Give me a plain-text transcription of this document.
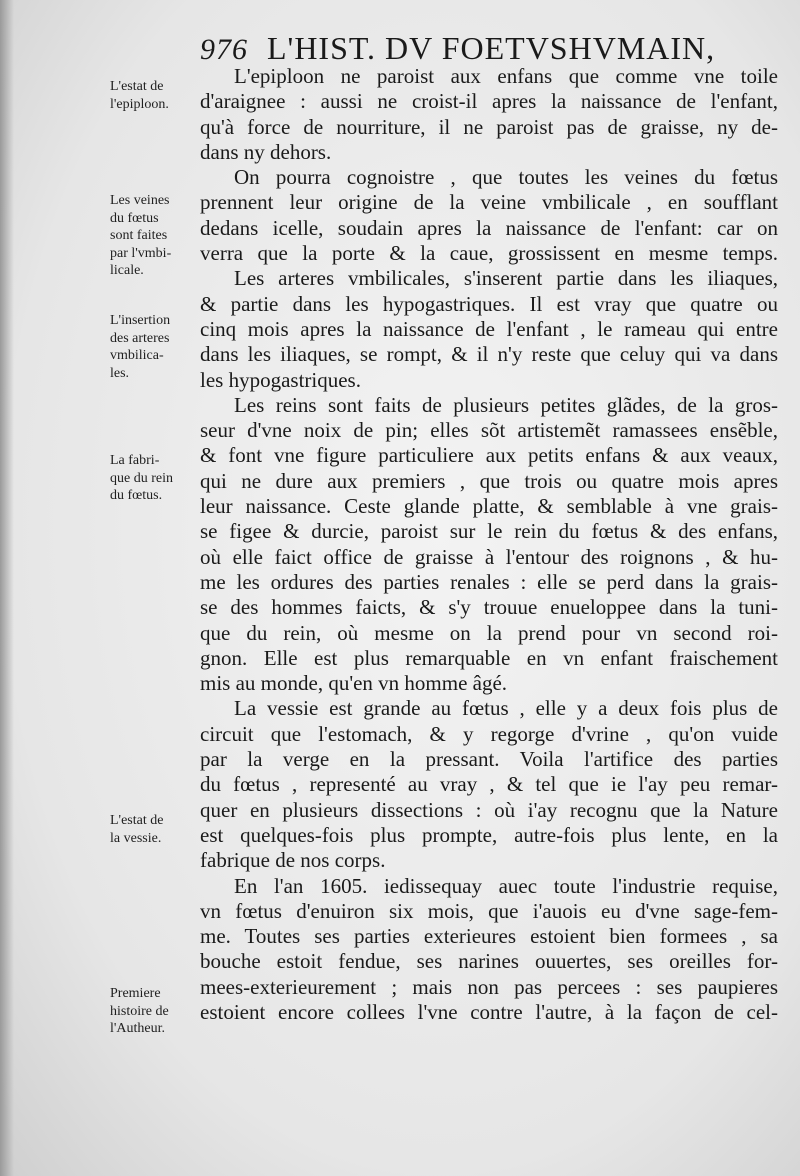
976 L'HIST. DV FOETVSHVMAIN,
L'estat de
l'epiploon.
Les veines
du fœtus
sont faites
par l'vmbi-
licale.
L'insertion
des arteres
vmbilica-
les.
La fabri-
que du rein
du fœtus.
L'estat de
la vessie.
Premiere
histoire de
l'Autheur.
L'epiploon ne paroist aux enfans que comme vne toile
d'araignee : aussi ne croist-il apres la naissance de l'enfant,
qu'à force de nourriture, il ne paroist pas de graisse, ny de-
dans ny dehors.
On pourra cognoistre , que toutes les veines du fœtus
prennent leur origine de la veine vmbilicale , en soufflant
dedans icelle, soudain apres la naissance de l'enfant: car on
verra que la porte & la caue, grossissent en mesme temps.
Les arteres vmbilicales, s'inserent partie dans les iliaques,
& partie dans les hypogastriques. Il est vray que quatre ou
cinq mois apres la naissance de l'enfant , le rameau qui entre
dans les iliaques, se rompt, & il n'y reste que celuy qui va dans
les hypogastriques.
Les reins sont faits de plusieurs petites glãdes, de la gros-
seur d'vne noix de pin; elles sõt artistemẽt ramassees ensẽble,
& font vne figure particuliere aux petits enfans & aux veaux,
qui ne dure aux premiers , que trois ou quatre mois apres
leur naissance. Ceste glande platte, & semblable à vne grais-
se figee & durcie, paroist sur le rein du fœtus & des enfans,
où elle faict office de graisse à l'entour des roignons , & hu-
me les ordures des parties renales : elle se perd dans la grais-
se des hommes faicts, & s'y trouue enueloppee dans la tuni-
que du rein, où mesme on la prend pour vn second roi-
gnon. Elle est plus remarquable en vn enfant fraischement
mis au monde, qu'en vn homme âgé.
La vessie est grande au fœtus , elle y a deux fois plus de
circuit que l'estomach, & y regorge d'vrine , qu'on vuide
par la verge en la pressant. Voila l'artifice des parties
du fœtus , representé au vray , & tel que ie l'ay peu remar-
quer en plusieurs dissections : où i'ay recognu que la Nature
est quelques-fois plus prompte, autre-fois plus lente, en la
fabrique de nos corps.
En l'an 1605. iedissequay auec toute l'industrie requise,
vn fœtus d'enuiron six mois, que i'auois eu d'vne sage-fem-
me. Toutes ses parties exterieures estoient bien formees , sa
bouche estoit fendue, ses narines ouuertes, ses oreilles for-
mees-exterieurement ; mais non pas percees : ses paupieres
estoient encore collees l'vne contre l'autre, à la façon de cel-
